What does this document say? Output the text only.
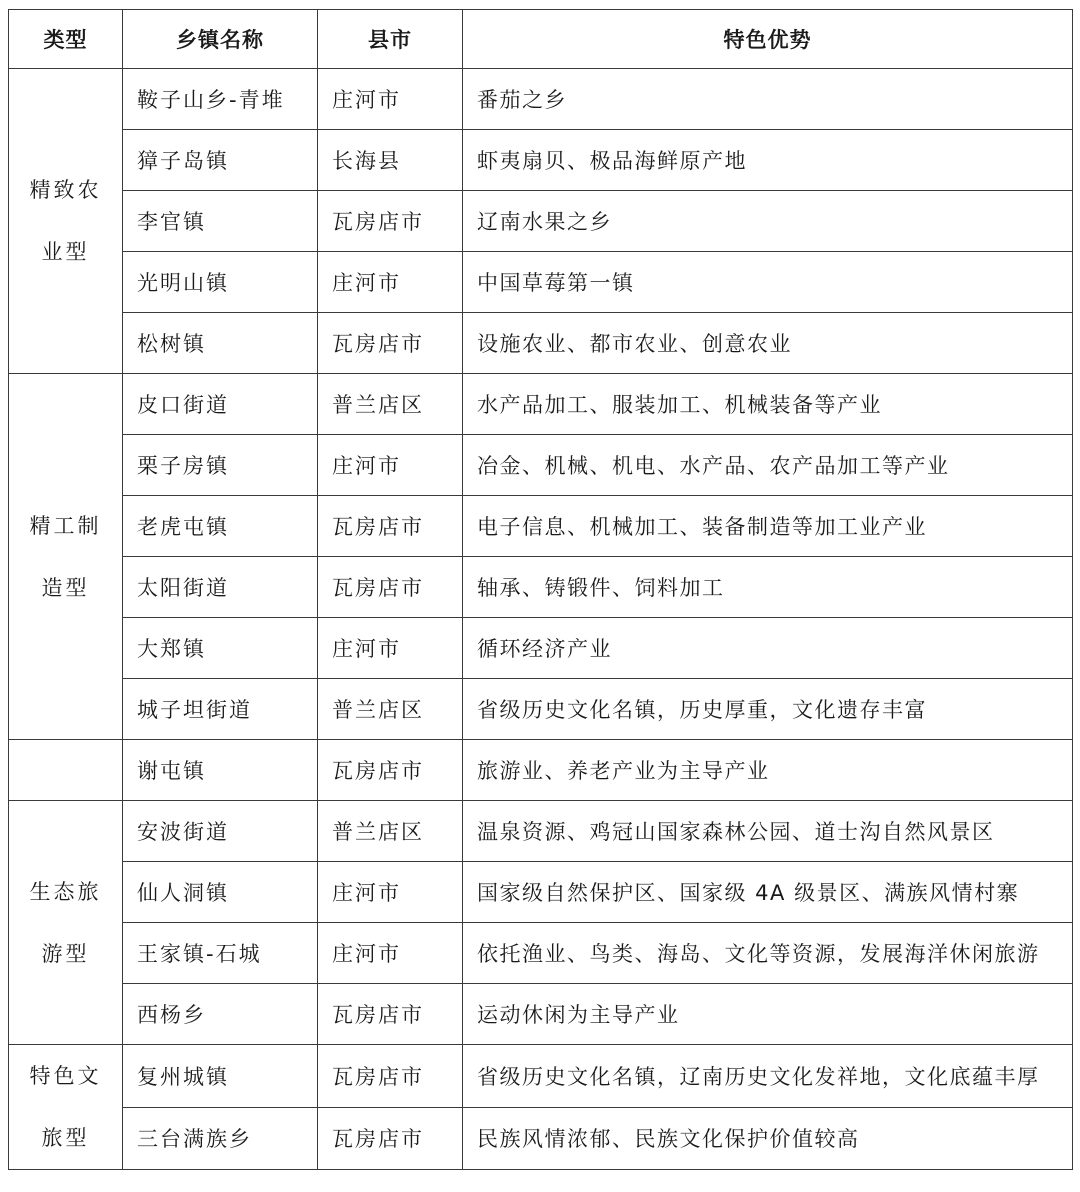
类型	乡镇名称	县市	特色优势
精致农业型	鞍子山乡-青堆	庄河市	番茄之乡
	獐子岛镇	长海县	虾夷扇贝、极品海鲜原产地
	李官镇	瓦房店市	辽南水果之乡
	光明山镇	庄河市	中国草莓第一镇
	松树镇	瓦房店市	设施农业、都市农业、创意农业
精工制造型	皮口街道	普兰店区	水产品加工、服装加工、机械装备等产业
	栗子房镇	庄河市	冶金、机械、机电、水产品、农产品加工等产业
	老虎屯镇	瓦房店市	电子信息、机械加工、装备制造等加工业产业
	太阳街道	瓦房店市	轴承、铸锻件、饲料加工
	大郑镇	庄河市	循环经济产业
	城子坦街道	普兰店区	省级历史文化名镇，历史厚重，文化遗存丰富
	谢屯镇	瓦房店市	旅游业、养老产业为主导产业
生态旅游型	安波街道	普兰店区	温泉资源、鸡冠山国家森林公园、道士沟自然风景区
	仙人洞镇	庄河市	国家级自然保护区、国家级 4A 级景区、满族风情村寨
	王家镇-石城	庄河市	依托渔业、鸟类、海岛、文化等资源，发展海洋休闲旅游
	西杨乡	瓦房店市	运动休闲为主导产业
特色文旅型	复州城镇	瓦房店市	省级历史文化名镇，辽南历史文化发祥地，文化底蕴丰厚
	三台满族乡	瓦房店市	民族风情浓郁、民族文化保护价值较高
